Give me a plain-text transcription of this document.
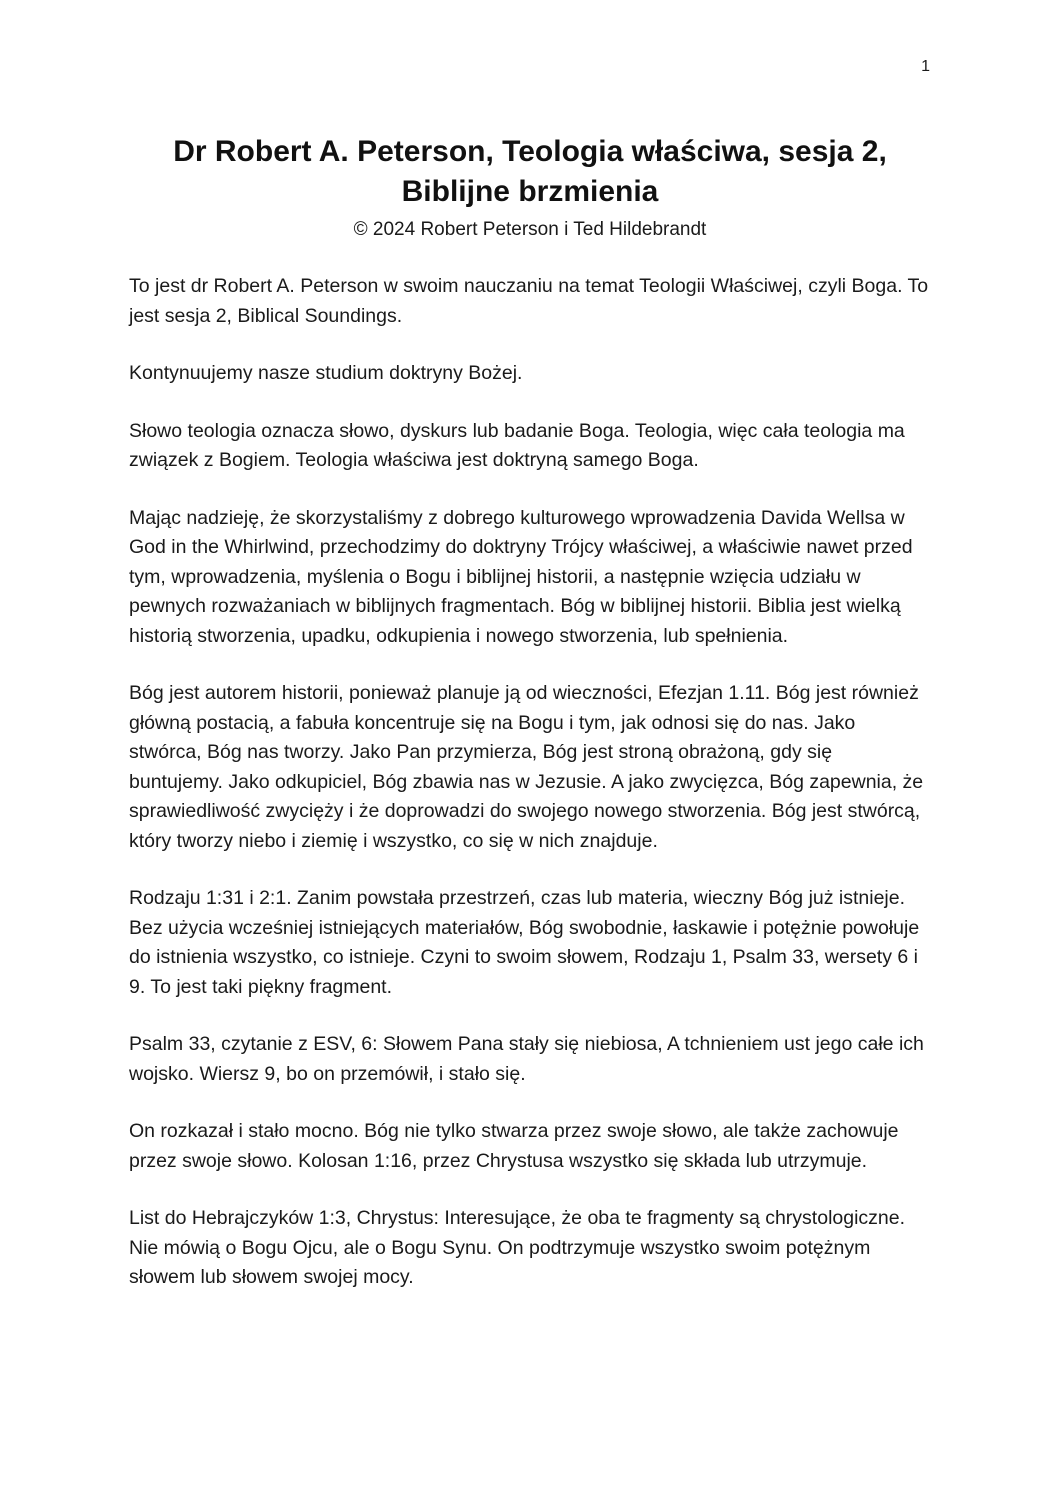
1
Dr Robert A. Peterson, Teologia właściwa, sesja 2,
Biblijne brzmienia
© 2024 Robert Peterson i Ted Hildebrandt

To jest dr Robert A. Peterson w swoim nauczaniu na temat Teologii Właściwej, czyli Boga. To jest sesja 2, Biblical Soundings.

Kontynuujemy nasze studium doktryny Bożej.

Słowo teologia oznacza słowo, dyskurs lub badanie Boga. Teologia, więc cała teologia ma związek z Bogiem. Teologia właściwa jest doktryną samego Boga.

Mając nadzieję, że skorzystaliśmy z dobrego kulturowego wprowadzenia Davida Wellsa w God in the Whirlwind, przechodzimy do doktryny Trójcy właściwej, a właściwie nawet przed tym, wprowadzenia, myślenia o Bogu i biblijnej historii, a następnie wzięcia udziału w pewnych rozważaniach w biblijnych fragmentach. Bóg w biblijnej historii. Biblia jest wielką historią stworzenia, upadku, odkupienia i nowego stworzenia, lub spełnienia.

Bóg jest autorem historii, ponieważ planuje ją od wieczności, Efezjan 1.11. Bóg jest również główną postacią, a fabuła koncentruje się na Bogu i tym, jak odnosi się do nas. Jako stwórca, Bóg nas tworzy. Jako Pan przymierza, Bóg jest stroną obrażoną, gdy się buntujemy. Jako odkupiciel, Bóg zbawia nas w Jezusie. A jako zwycięzca, Bóg zapewnia, że sprawiedliwość zwycięży i że doprowadzi do swojego nowego stworzenia. Bóg jest stwórcą, który tworzy niebo i ziemię i wszystko, co się w nich znajduje.

Rodzaju 1:31 i 2:1. Zanim powstała przestrzeń, czas lub materia, wieczny Bóg już istnieje. Bez użycia wcześniej istniejących materiałów, Bóg swobodnie, łaskawie i potężnie powołuje do istnienia wszystko, co istnieje. Czyni to swoim słowem, Rodzaju 1, Psalm 33, wersety 6 i 9. To jest taki piękny fragment.

Psalm 33, czytanie z ESV, 6: Słowem Pana stały się niebiosa, A tchnieniem ust jego całe ich wojsko. Wiersz 9, bo on przemówił, i stało się.

On rozkazał i stało mocno. Bóg nie tylko stwarza przez swoje słowo, ale także zachowuje przez swoje słowo. Kolosan 1:16, przez Chrystusa wszystko się składa lub utrzymuje.

List do Hebrajczyków 1:3, Chrystus: Interesujące, że oba te fragmenty są chrystologiczne. Nie mówią o Bogu Ojcu, ale o Bogu Synu. On podtrzymuje wszystko swoim potężnym słowem lub słowem swojej mocy.
